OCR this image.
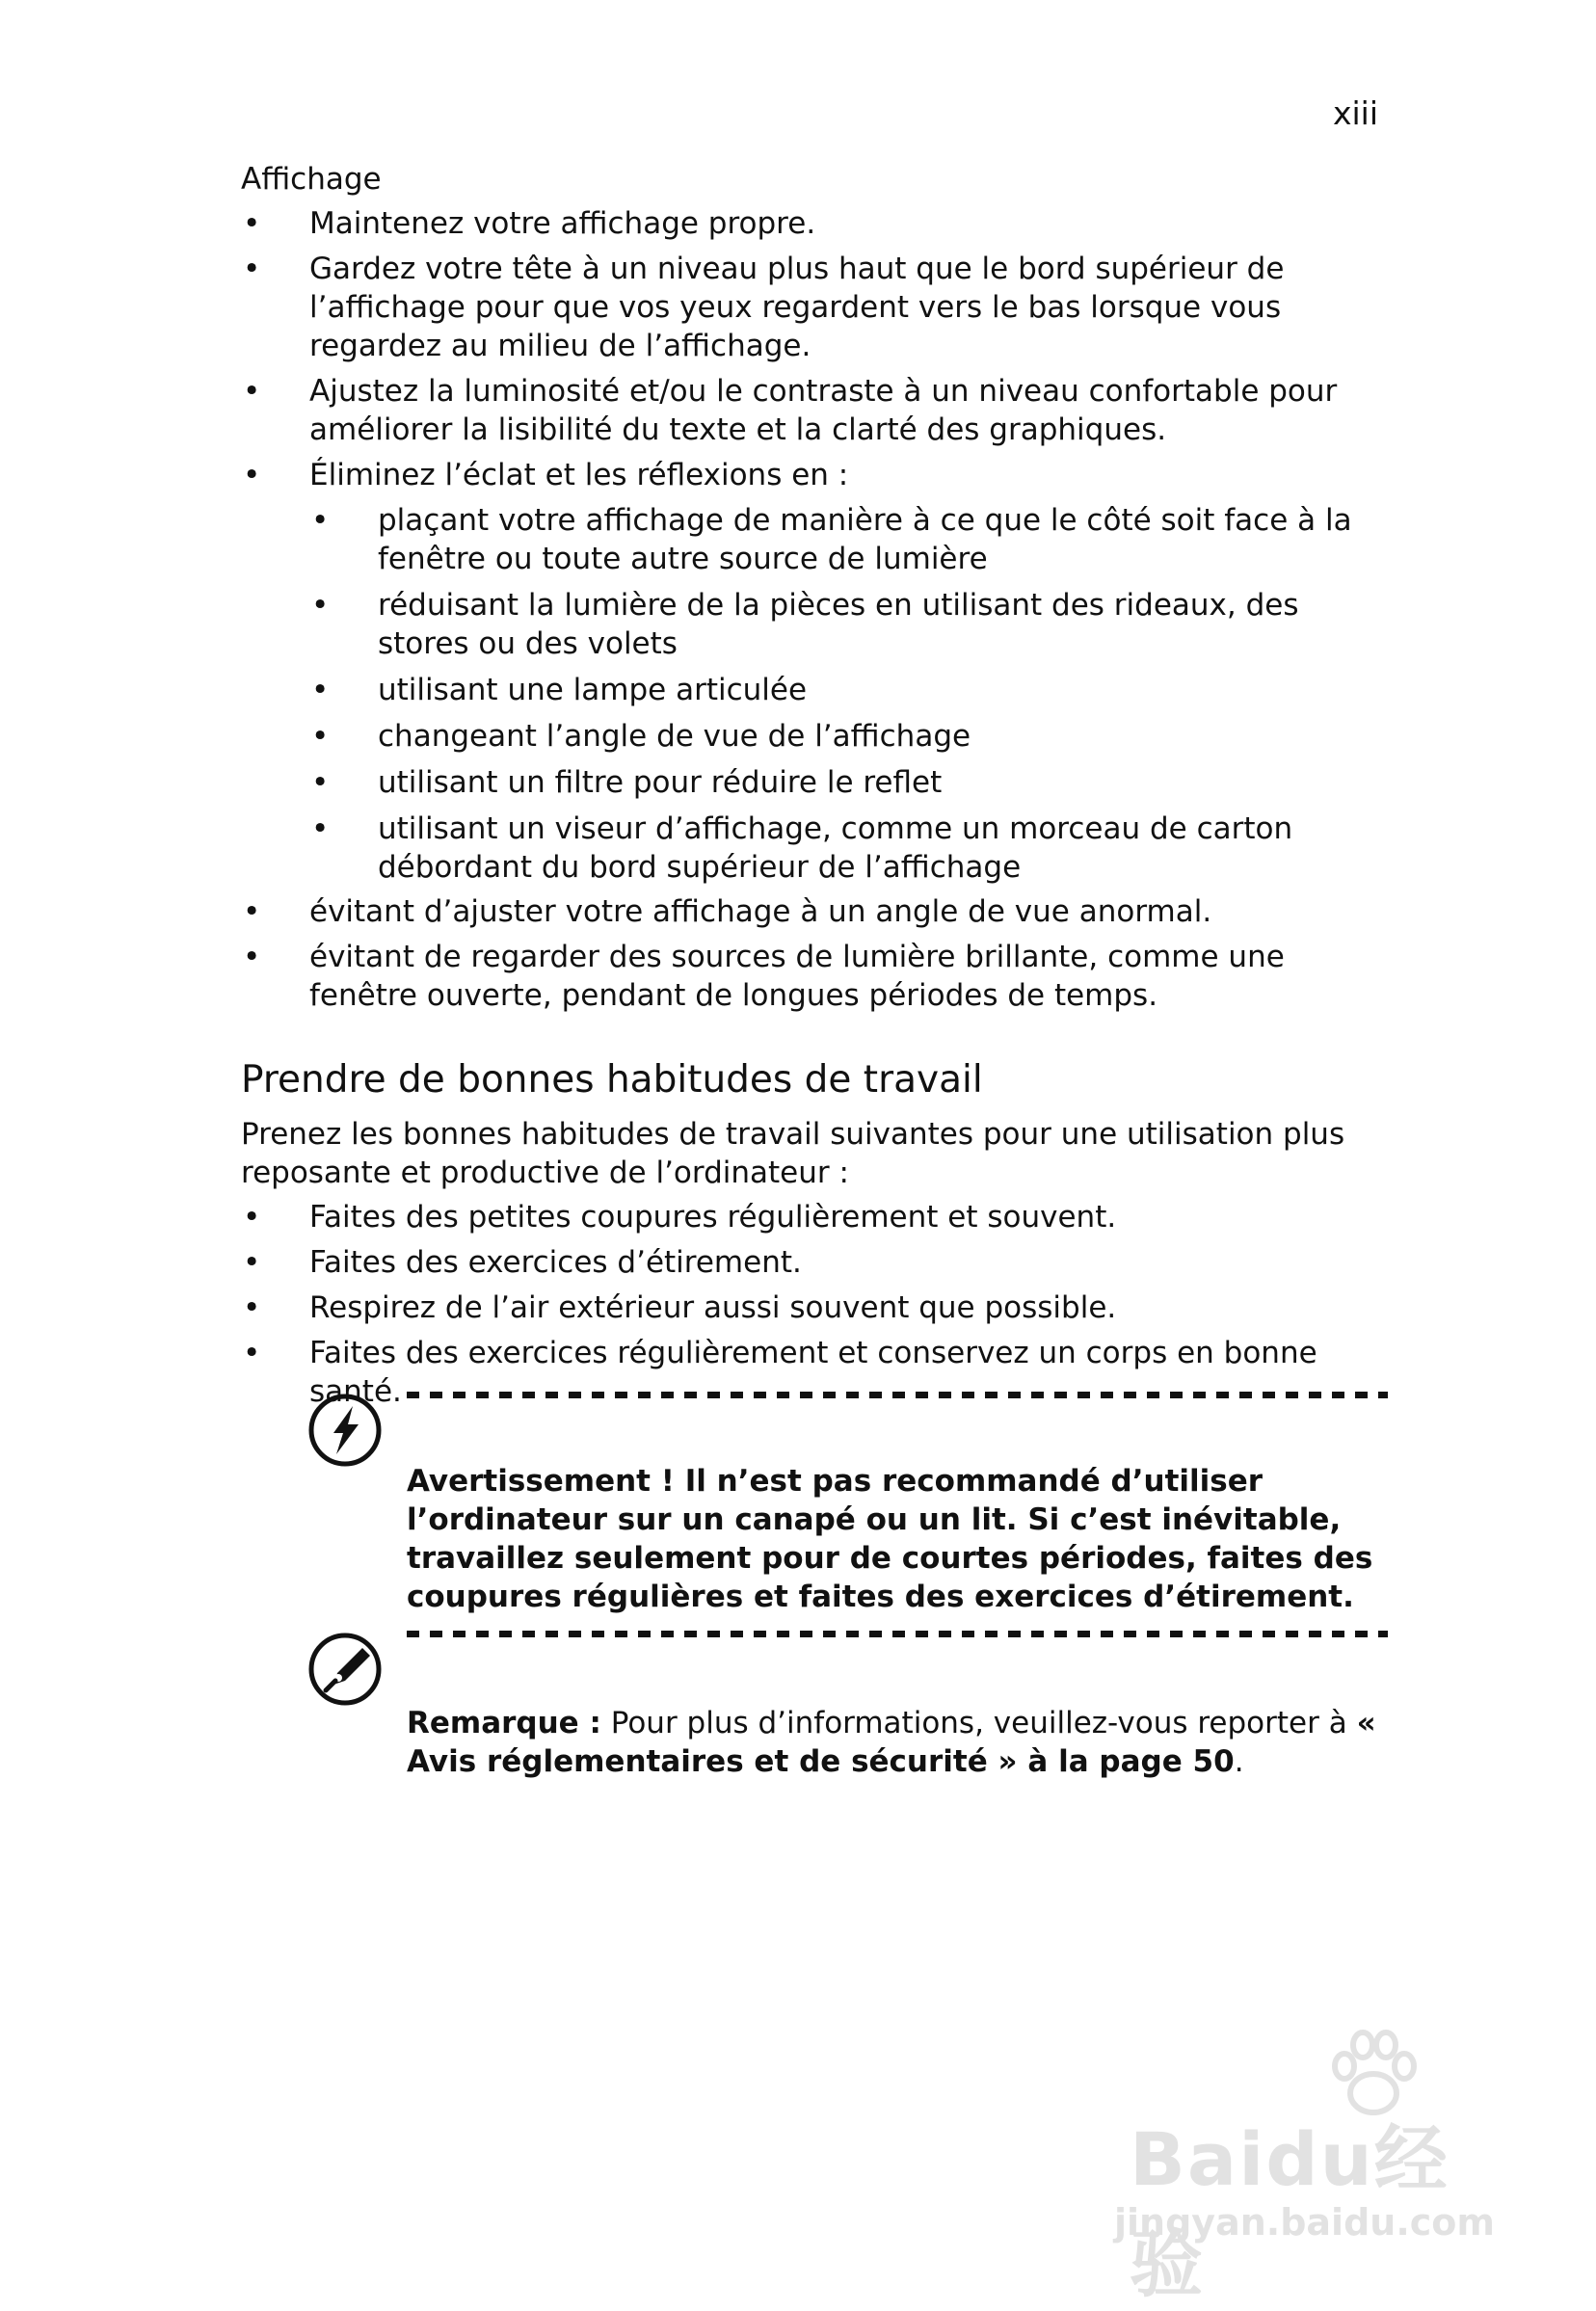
xiii
Affichage
• Maintenez votre affichage propre.
• Gardez votre tête à un niveau plus haut que le bord supérieur de l’affichage pour que vos yeux regardent vers le bas lorsque vous regardez au milieu de l’affichage.
• Ajustez la luminosité et/ou le contraste à un niveau confortable pour améliorer la lisibilité du texte et la clarté des graphiques.
• Éliminez l’éclat et les réflexions en :
• plaçant votre affichage de manière à ce que le côté soit face à la fenêtre ou toute autre source de lumière
• réduisant la lumière de la pièces en utilisant des rideaux, des stores ou des volets
• utilisant une lampe articulée
• changeant l’angle de vue de l’affichage
• utilisant un filtre pour réduire le reflet
• utilisant un viseur d’affichage, comme un morceau de carton débordant du bord supérieur de l’affichage
• évitant d’ajuster votre affichage à un angle de vue anormal.
• évitant de regarder des sources de lumière brillante, comme une fenêtre ouverte, pendant de longues périodes de temps.
Prendre de bonnes habitudes de travail

Prenez les bonnes habitudes de travail suivantes pour une utilisation plus reposante et productive de l’ordinateur :

• Faites des petites coupures régulièrement et souvent.
• Faites des exercices d’étirement.
• Respirez de l’air extérieur aussi souvent que possible.
• Faites des exercices régulièrement et conservez un corps en bonne santé.
Avertissement ! Il n’est pas recommandé d’utiliser l’ordinateur sur un canapé ou un lit. Si c’est inévitable, travaillez seulement pour de courtes périodes, faites des coupures régulières et faites des exercices d’étirement.
Remarque : Pour plus d’informations, veuillez-vous reporter à « Avis réglementaires et de sécurité » à la page 50.
Baidu经验
jingyan.baidu.com
